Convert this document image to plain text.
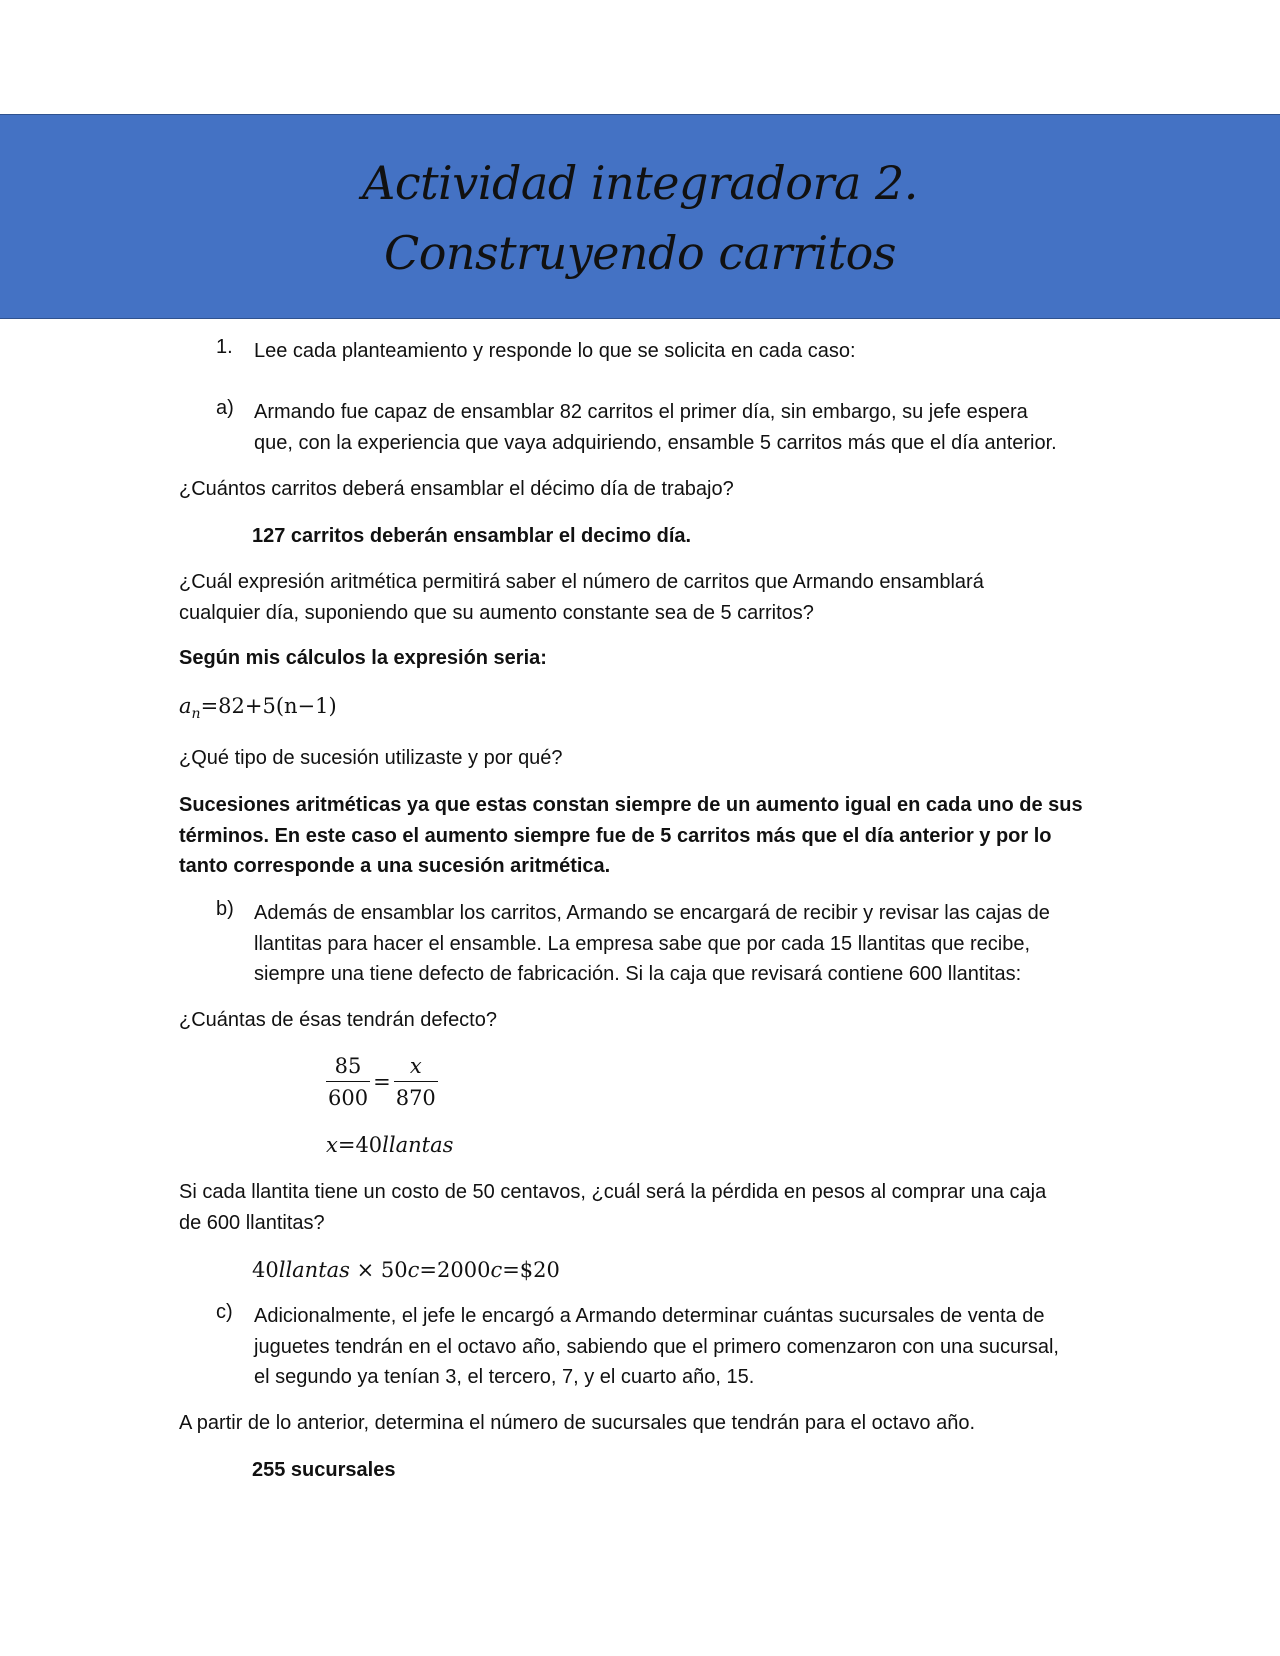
Actividad integradora 2.
Construyendo carritos
1. Lee cada planteamiento y responde lo que se solicita en cada caso:
a) Armando fue capaz de ensamblar 82 carritos el primer día, sin embargo, su jefe espera
que, con la experiencia que vaya adquiriendo, ensamble 5 carritos más que el día anterior.
¿Cuántos carritos deberá ensamblar el décimo día de trabajo?
127 carritos deberán ensamblar el decimo día.
¿Cuál expresión aritmética permitirá saber el número de carritos que Armando ensamblará
cualquier día, suponiendo que su aumento constante sea de 5 carritos?
Según mis cálculos la expresión seria:
$a_n=82+5(n-1)$
¿Qué tipo de sucesión utilizaste y por qué?
Sucesiones aritméticas ya que estas constan siempre de un aumento igual en cada uno de sus
términos. En este caso el aumento siempre fue de 5 carritos más que el día anterior y por lo
tanto corresponde a una sucesión aritmética.
b) Además de ensamblar los carritos, Armando se encargará de recibir y revisar las cajas de
llantitas para hacer el ensamble. La empresa sabe que por cada 15 llantitas que recibe,
siempre una tiene defecto de fabricación. Si la caja que revisará contiene 600 llantitas:
¿Cuántas de ésas tendrán defecto?
$\frac{85}{600} = \frac{x}{870}$
x=40llantas
Si cada llantita tiene un costo de 50 centavos, ¿cuál será la pérdida en pesos al comprar una caja
de 600 llantitas?
40llantas × 50c=2000c=$20
c) Adicionalmente, el jefe le encargó a Armando determinar cuántas sucursales de venta de
juguetes tendrán en el octavo año, sabiendo que el primero comenzaron con una sucursal,
el segundo ya tenían 3, el tercero, 7, y el cuarto año, 15.
A partir de lo anterior, determina el número de sucursales que tendrán para el octavo año.
255 sucursales
